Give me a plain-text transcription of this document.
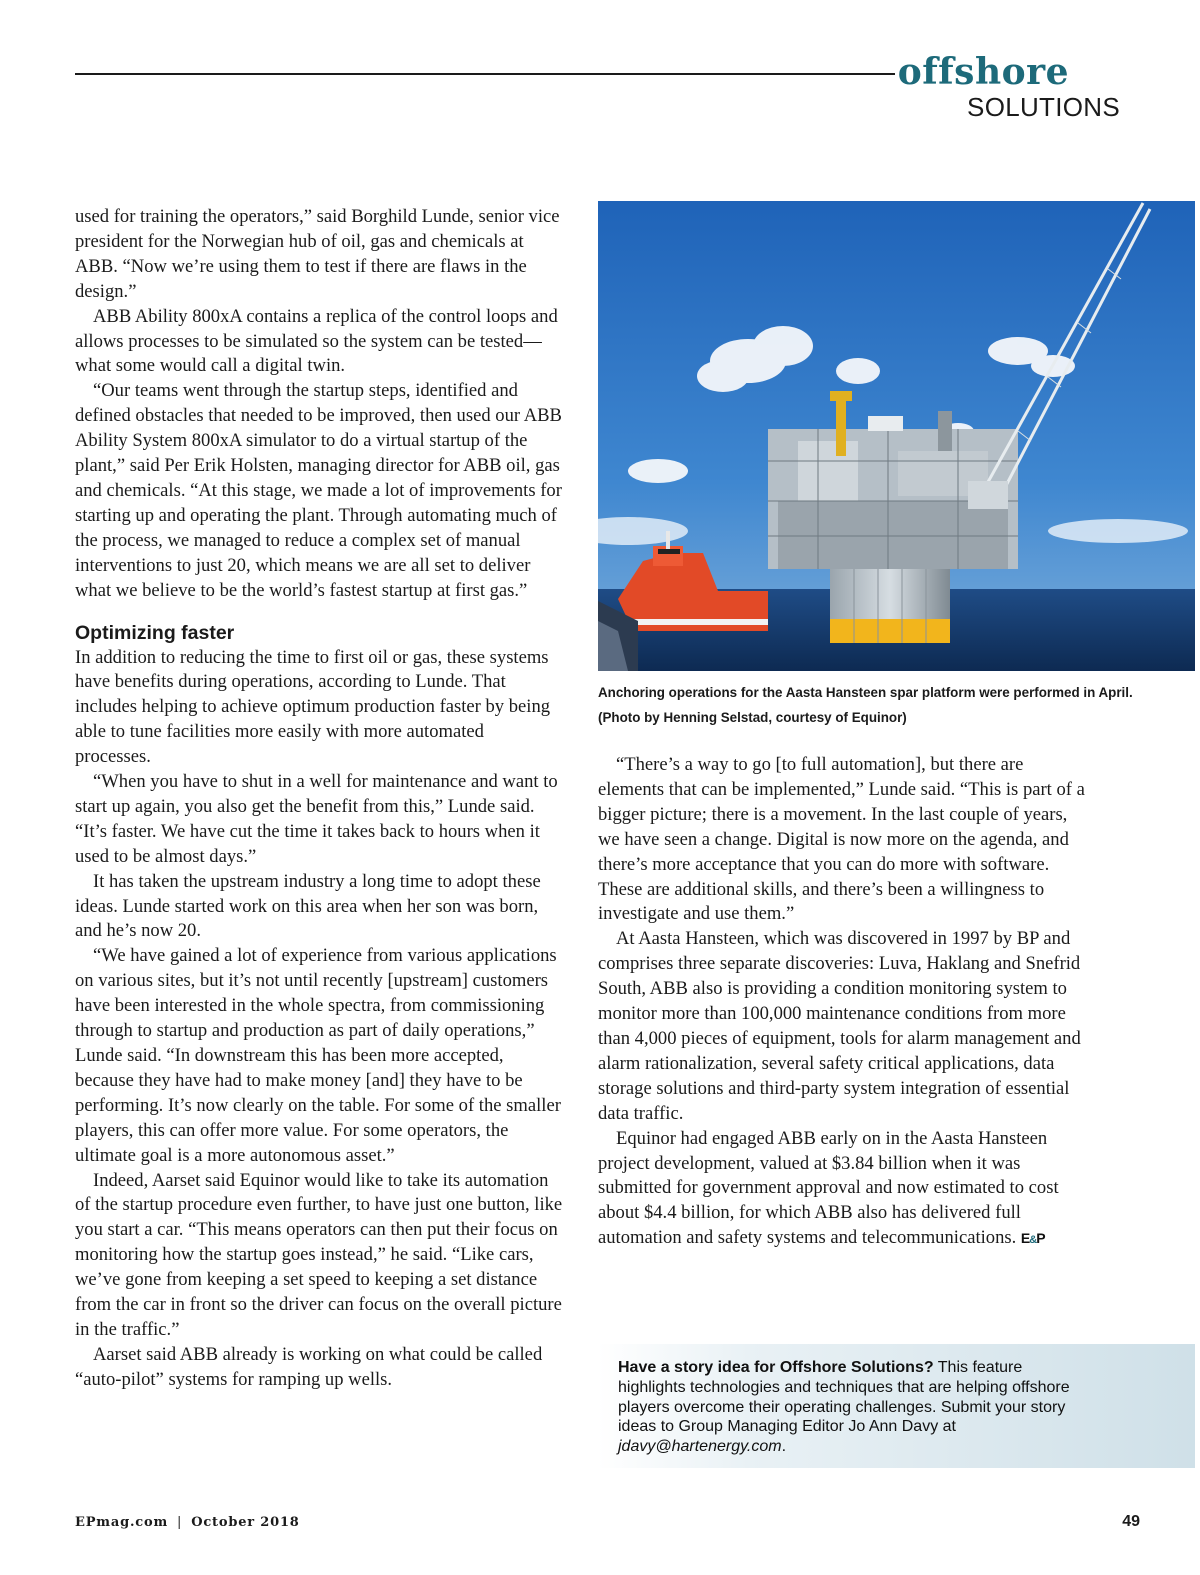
offshore
SOLUTIONS

used for training the operators,” said Borghild Lunde, senior vice president for the Norwegian hub of oil, gas and chemicals at ABB. “Now we’re using them to test if there are flaws in the design.”

ABB Ability 800xA contains a replica of the control loops and allows processes to be simulated so the system can be tested—what some would call a digital twin.

“Our teams went through the startup steps, identified and defined obstacles that needed to be improved, then used our ABB Ability System 800xA simulator to do a virtual startup of the plant,” said Per Erik Holsten, managing director for ABB oil, gas and chemicals. “At this stage, we made a lot of improvements for starting up and operating the plant. Through automating much of the process, we managed to reduce a complex set of manual interventions to just 20, which means we are all set to deliver what we believe to be the world’s fastest startup at first gas.”

Optimizing faster

In addition to reducing the time to first oil or gas, these systems have benefits during operations, according to Lunde. That includes helping to achieve optimum production faster by being able to tune facilities more easily with more automated processes.

“When you have to shut in a well for maintenance and want to start up again, you also get the benefit from this,” Lunde said. “It’s faster. We have cut the time it takes back to hours when it used to be almost days.”

It has taken the upstream industry a long time to adopt these ideas. Lunde started work on this area when her son was born, and he’s now 20.

“We have gained a lot of experience from various applications on various sites, but it’s not until recently [upstream] customers have been interested in the whole spectra, from commissioning through to startup and production as part of daily operations,” Lunde said. “In downstream this has been more accepted, because they have had to make money [and] they have to be performing. It’s now clearly on the table. For some of the smaller players, this can offer more value. For some operators, the ultimate goal is a more autonomous asset.”

Indeed, Aarset said Equinor would like to take its automation of the startup procedure even further, to have just one button, like you start a car. “This means operators can then put their focus on monitoring how the startup goes instead,” he said. “Like cars, we’ve gone from keeping a set speed to keeping a set distance from the car in front so the driver can focus on the overall picture in the traffic.”

Aarset said ABB already is working on what could be called “auto-pilot” systems for ramping up wells.

Anchoring operations for the Aasta Hansteen spar platform were performed in April. (Photo by Henning Selstad, courtesy of Equinor)

“There’s a way to go [to full automation], but there are elements that can be implemented,” Lunde said. “This is part of a bigger picture; there is a movement. In the last couple of years, we have seen a change. Digital is now more on the agenda, and there’s more acceptance that you can do more with software. These are additional skills, and there’s been a willingness to investigate and use them.”

At Aasta Hansteen, which was discovered in 1997 by BP and comprises three separate discoveries: Luva, Haklang and Snefrid South, ABB also is providing a condition monitoring system to monitor more than 100,000 maintenance conditions from more than 4,000 pieces of equipment, tools for alarm management and alarm rationalization, several safety critical applications, data storage solutions and third-party system integration of essential data traffic.

Equinor had engaged ABB early on in the Aasta Hansteen project development, valued at $3.84 billion when it was submitted for government approval and now estimated to cost about $4.4 billion, for which ABB also has delivered full automation and safety systems and telecommunications. E&P

Have a story idea for Offshore Solutions? This feature highlights technologies and techniques that are helping offshore players overcome their operating challenges. Submit your story ideas to Group Managing Editor Jo Ann Davy at jdavy@hartenergy.com.
EPmag.com | October 2018	49
